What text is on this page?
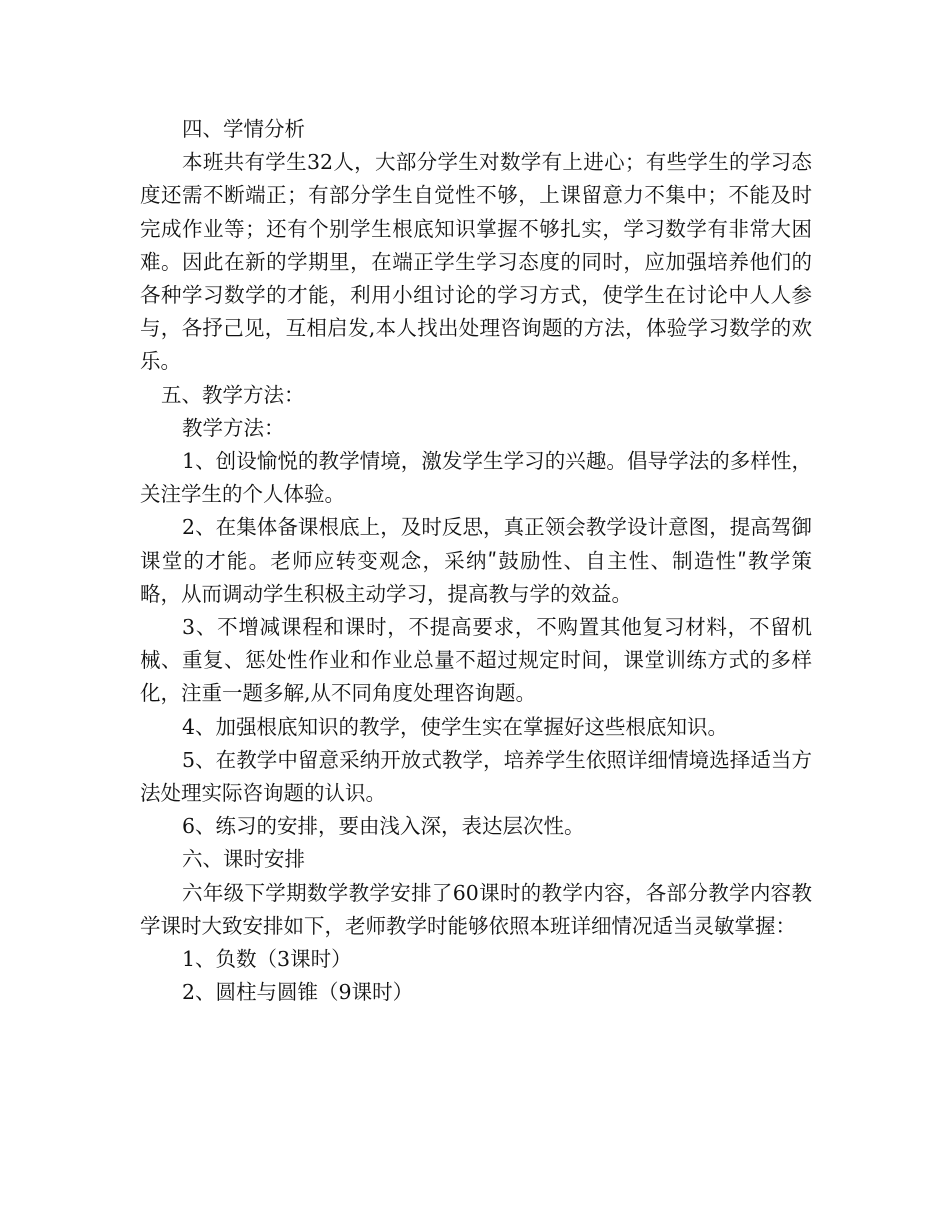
四、学情分析

本班共有学生32人，大部分学生对数学有上进心；有些学生的学习态度还需不断端正；有部分学生自觉性不够，上课留意力不集中；不能及时完成作业等；还有个别学生根底知识掌握不够扎实，学习数学有非常大困难。因此在新的学期里，在端正学生学习态度的同时，应加强培养他们的各种学习数学的才能，利用小组讨论的学习方式，使学生在讨论中人人参与，各抒己见，互相启发,本人找出处理咨询题的方法，体验学习数学的欢乐。

五、教学方法：

教学方法：

1、创设愉悦的教学情境，激发学生学习的兴趣。倡导学法的多样性，关注学生的个人体验。

2、在集体备课根底上，及时反思，真正领会教学设计意图，提高驾御课堂的才能。老师应转变观念，采纳ʺ鼓励性、自主性、制造性ʺ教学策略，从而调动学生积极主动学习，提高教与学的效益。

3、不增减课程和课时，不提高要求，不购置其他复习材料，不留机械、重复、惩处性作业和作业总量不超过规定时间，课堂训练方式的多样化，注重一题多解,从不同角度处理咨询题。

4、加强根底知识的教学，使学生实在掌握好这些根底知识。

5、在教学中留意采纳开放式教学，培养学生依照详细情境选择适当方法处理实际咨询题的认识。

6、练习的安排，要由浅入深，表达层次性。

六、课时安排

六年级下学期数学教学安排了60课时的教学内容，各部分教学内容教学课时大致安排如下，老师教学时能够依照本班详细情况适当灵敏掌握：

1、负数（3课时）

2、圆柱与圆锥（9课时）
